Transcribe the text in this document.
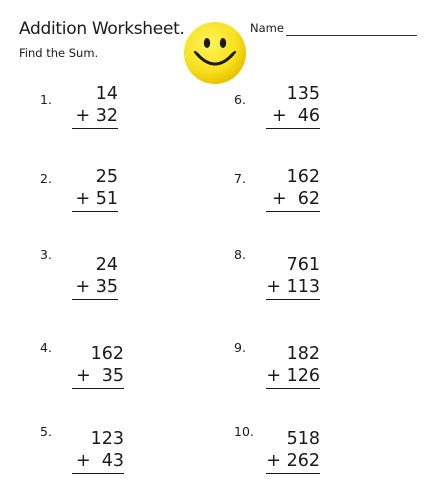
Addition Worksheet.
Find the Sum.
Name
1.	14
+ 32
2.	25
+ 51
3.
24
+ 35
4.	162
+  35
5.	123
+  43
6.	135
+  46
7.	162
+  62
8.
761
+ 113
9.	182
+ 126
10.	518
+ 262
